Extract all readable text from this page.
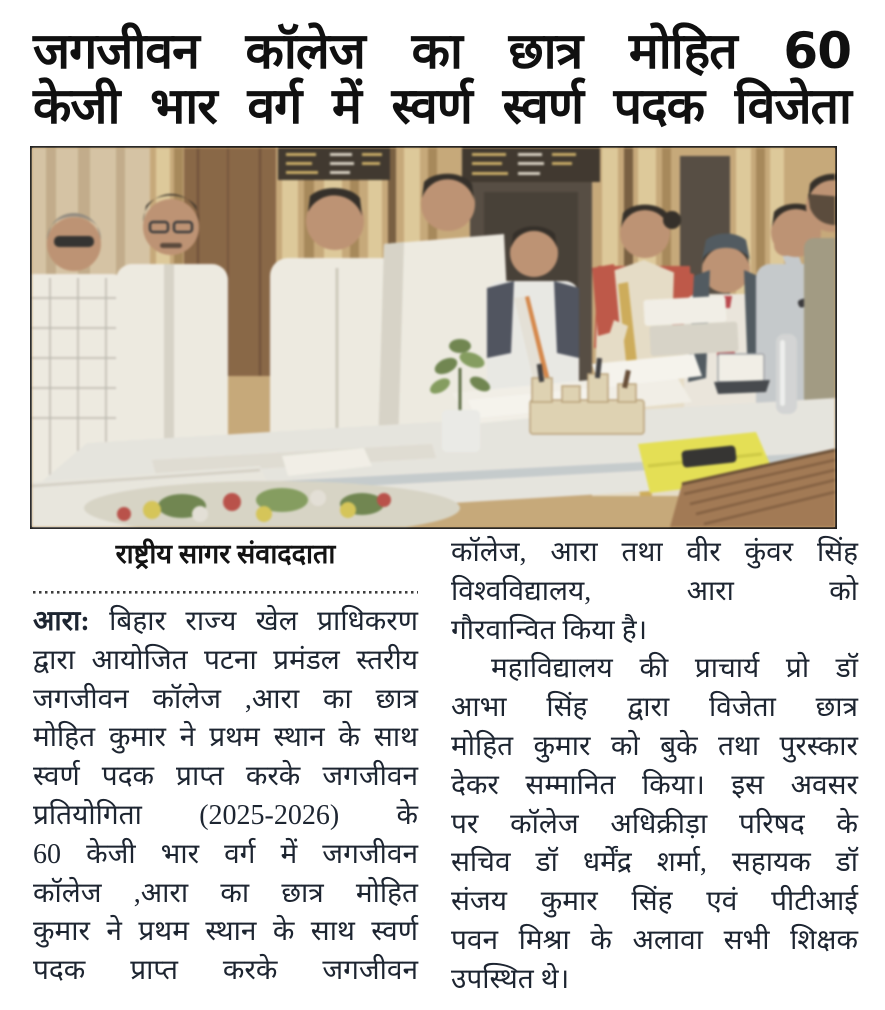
जगजीवन कॉलेज का छात्र मोहित 60
केजी भार वर्ग में स्वर्ण स्वर्ण पदक विजेता
राष्ट्रीय सागर संवाददाता
आरा: बिहार राज्य खेल प्राधिकरण
द्वारा आयोजित पटना प्रमंडल स्तरीय
जगजीवन कॉलेज ,आरा का छात्र
मोहित कुमार ने प्रथम स्थान के साथ
स्वर्ण पदक प्राप्त करके जगजीवन
प्रतियोगिता (2025-2026) के
60 केजी भार वर्ग में जगजीवन
कॉलेज ,आरा का छात्र मोहित
कुमार ने प्रथम स्थान के साथ स्वर्ण
पदक प्राप्त करके जगजीवन
कॉलेज, आरा तथा वीर कुंवर सिंह
विश्वविद्यालय, आरा को
गौरवान्वित किया है।
महाविद्यालय की प्राचार्य प्रो डॉ
आभा सिंह द्वारा विजेता छात्र
मोहित कुमार को बुके तथा पुरस्कार
देकर सम्मानित किया। इस अवसर
पर कॉलेज अधिक्रीड़ा परिषद के
सचिव डॉ धर्मेंद्र शर्मा, सहायक डॉ
संजय कुमार सिंह एवं पीटीआई
पवन मिश्रा के अलावा सभी शिक्षक
उपस्थित थे।
